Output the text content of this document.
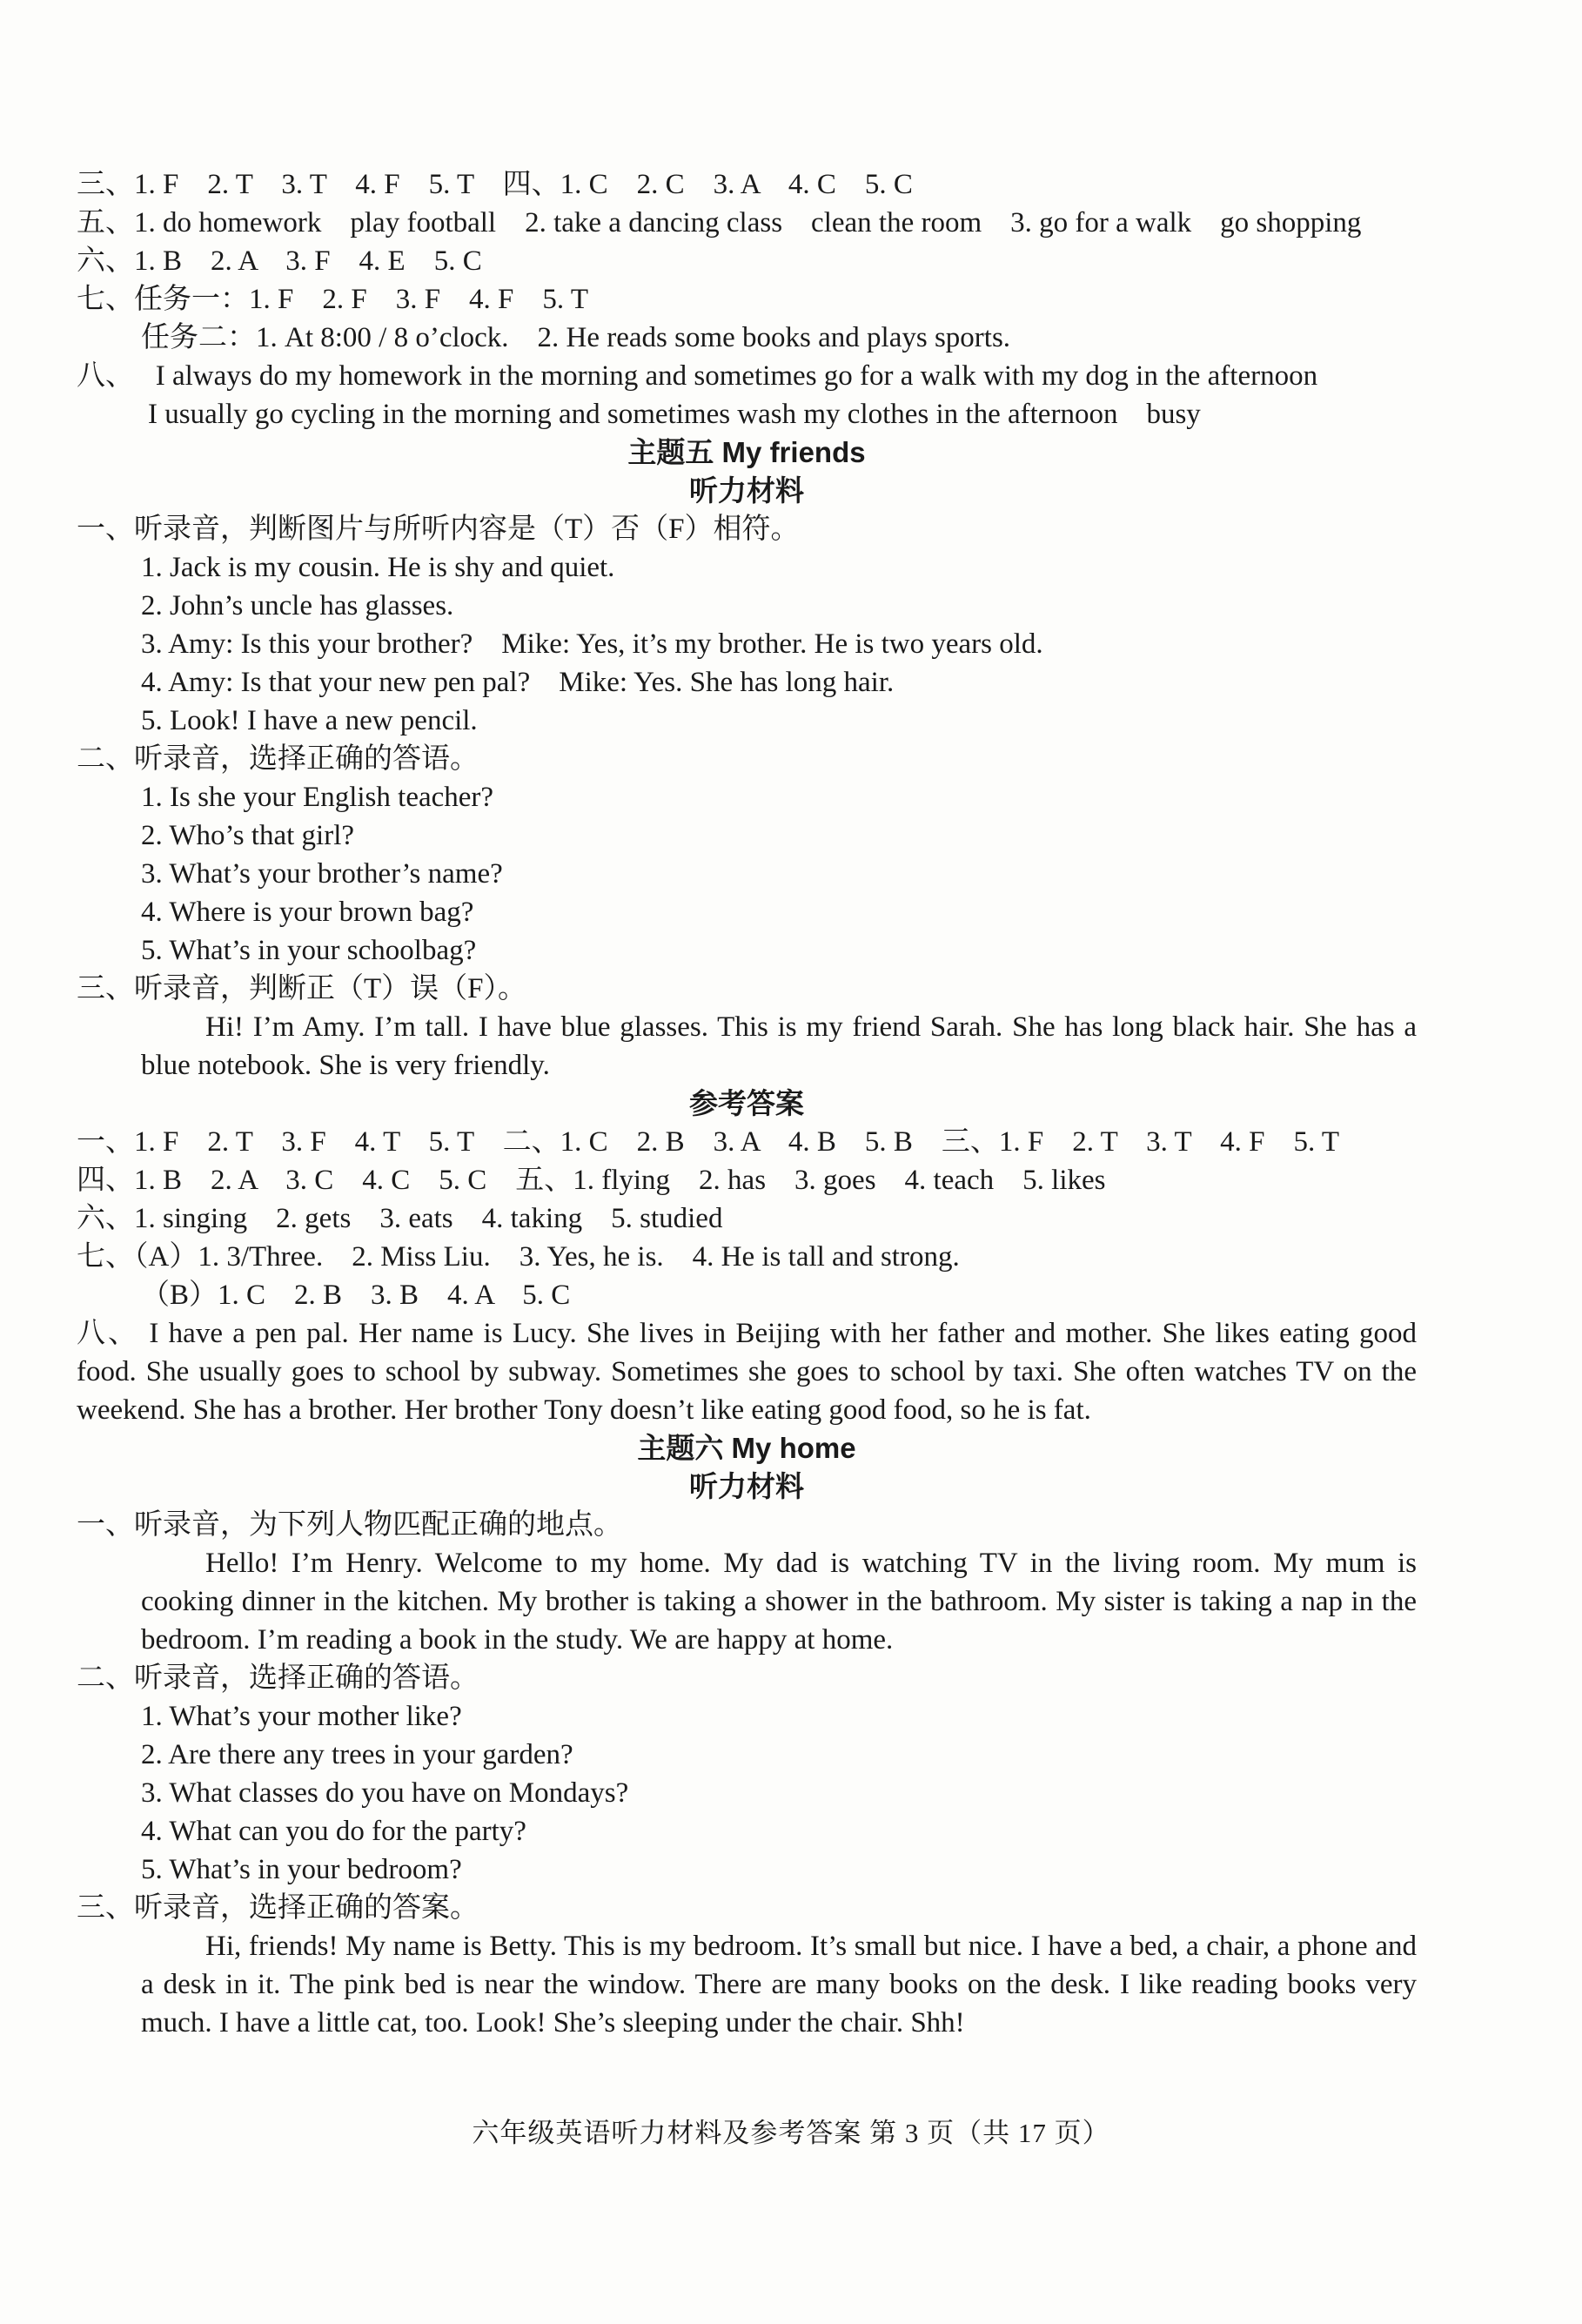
三、1. F    2. T    3. T    4. F    5. T    四、1. C    2. C    3. A    4. C    5. C
五、1. do homework    play football    2. take a dancing class    clean the room    3. go for a walk    go shopping
六、1. B    2. A    3. F    4. E    5. C
七、任务一：1. F    2. F    3. F    4. F    5. T
任务二：1. At 8:00 / 8 o’clock.    2. He reads some books and plays sports.
八、   I always do my homework in the morning and sometimes go for a walk with my dog in the afternoon
I usually go cycling in the morning and sometimes wash my clothes in the afternoon    busy
主题五 My friends
听力材料
一、听录音，判断图片与所听内容是（T）否（F）相符。
1. Jack is my cousin. He is shy and quiet.
2. John’s uncle has glasses.
3. Amy: Is this your brother?    Mike: Yes, it’s my brother. He is two years old.
4. Amy: Is that your new pen pal?    Mike: Yes. She has long hair.
5. Look! I have a new pencil.
二、听录音，选择正确的答语。
1. Is she your English teacher?
2. Who’s that girl?
3. What’s your brother’s name?
4. Where is your brown bag?
5. What’s in your schoolbag?
三、听录音，判断正（T）误（F）。
Hi! I’m Amy. I’m tall. I have blue glasses. This is my friend Sarah. She has long black hair. She has a blue notebook. She is very friendly.
参考答案
一、1. F    2. T    3. F    4. T    5. T    二、1. C    2. B    3. A    4. B    5. B    三、1. F    2. T    3. T    4. F    5. T
四、1. B    2. A    3. C    4. C    5. C    五、1. flying    2. has    3. goes    4. teach    5. likes
六、1. singing    2. gets    3. eats    4. taking    5. studied
七、（A）1. 3/Three.    2. Miss Liu.    3. Yes, he is.    4. He is tall and strong.
（B）1. C    2. B    3. B    4. A    5. C
八、 I have a pen pal. Her name is Lucy. She lives in Beijing with her father and mother. She likes eating good food. She usually goes to school by subway. Sometimes she goes to school by taxi. She often watches TV on the weekend. She has a brother. Her brother Tony doesn’t like eating good food, so he is fat.
主题六 My home
听力材料
一、听录音，为下列人物匹配正确的地点。
Hello! I’m Henry. Welcome to my home. My dad is watching TV in the living room. My mum is cooking dinner in the kitchen. My brother is taking a shower in the bathroom. My sister is taking a nap in the bedroom. I’m reading a book in the study. We are happy at home.
二、听录音，选择正确的答语。
1. What’s your mother like?
2. Are there any trees in your garden?
3. What classes do you have on Mondays?
4. What can you do for the party?
5. What’s in your bedroom?
三、听录音，选择正确的答案。
Hi, friends! My name is Betty. This is my bedroom. It’s small but nice. I have a bed, a chair, a phone and a desk in it. The pink bed is near the window. There are many books on the desk. I like reading books very much. I have a little cat, too. Look! She’s sleeping under the chair. Shh!
六年级英语听力材料及参考答案 第 3 页（共 17 页）
